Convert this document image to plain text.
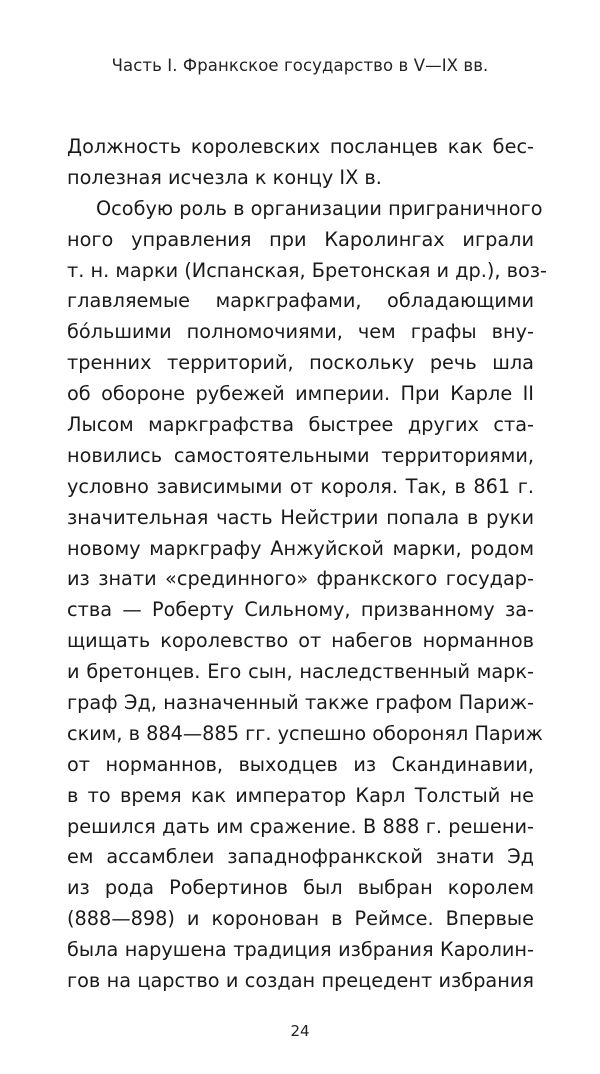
Часть I. Франкское государство в V—IX вв.
Должность королевских посланцев как бес-
полезная исчезла к концу IX в.
Особую роль в организации приграничного
ного управления при Каролингах играли
т. н. марки (Испанская, Бретонская и др.), воз-
главляемые маркграфами, обладающими
бóльшими полномочиями, чем графы вну-
тренних территорий, поскольку речь шла
об обороне рубежей империи. При Карле II
Лысом маркграфства быстрее других ста-
новились самостоятельными территориями,
условно зависимыми от короля. Так, в 861 г.
значительная часть Нейстрии попала в руки
новому маркграфу Анжуйской марки, родом
из знати «срединного» франкского государ-
ства — Роберту Сильному, призванному за-
щищать королевство от набегов норманнов
и бретонцев. Его сын, наследственный марк-
граф Эд, назначенный также графом Париж-
ским, в 884—885 гг. успешно оборонял Париж
от норманнов, выходцев из Скандинавии,
в то время как император Карл Толстый не
решился дать им сражение. В 888 г. решени-
ем ассамблеи западнофранкской знати Эд
из рода Робертинов был выбран королем
(888—898) и коронован в Реймсе. Впервые
была нарушена традиция избрания Каролин-
гов на царство и создан прецедент избрания
24
